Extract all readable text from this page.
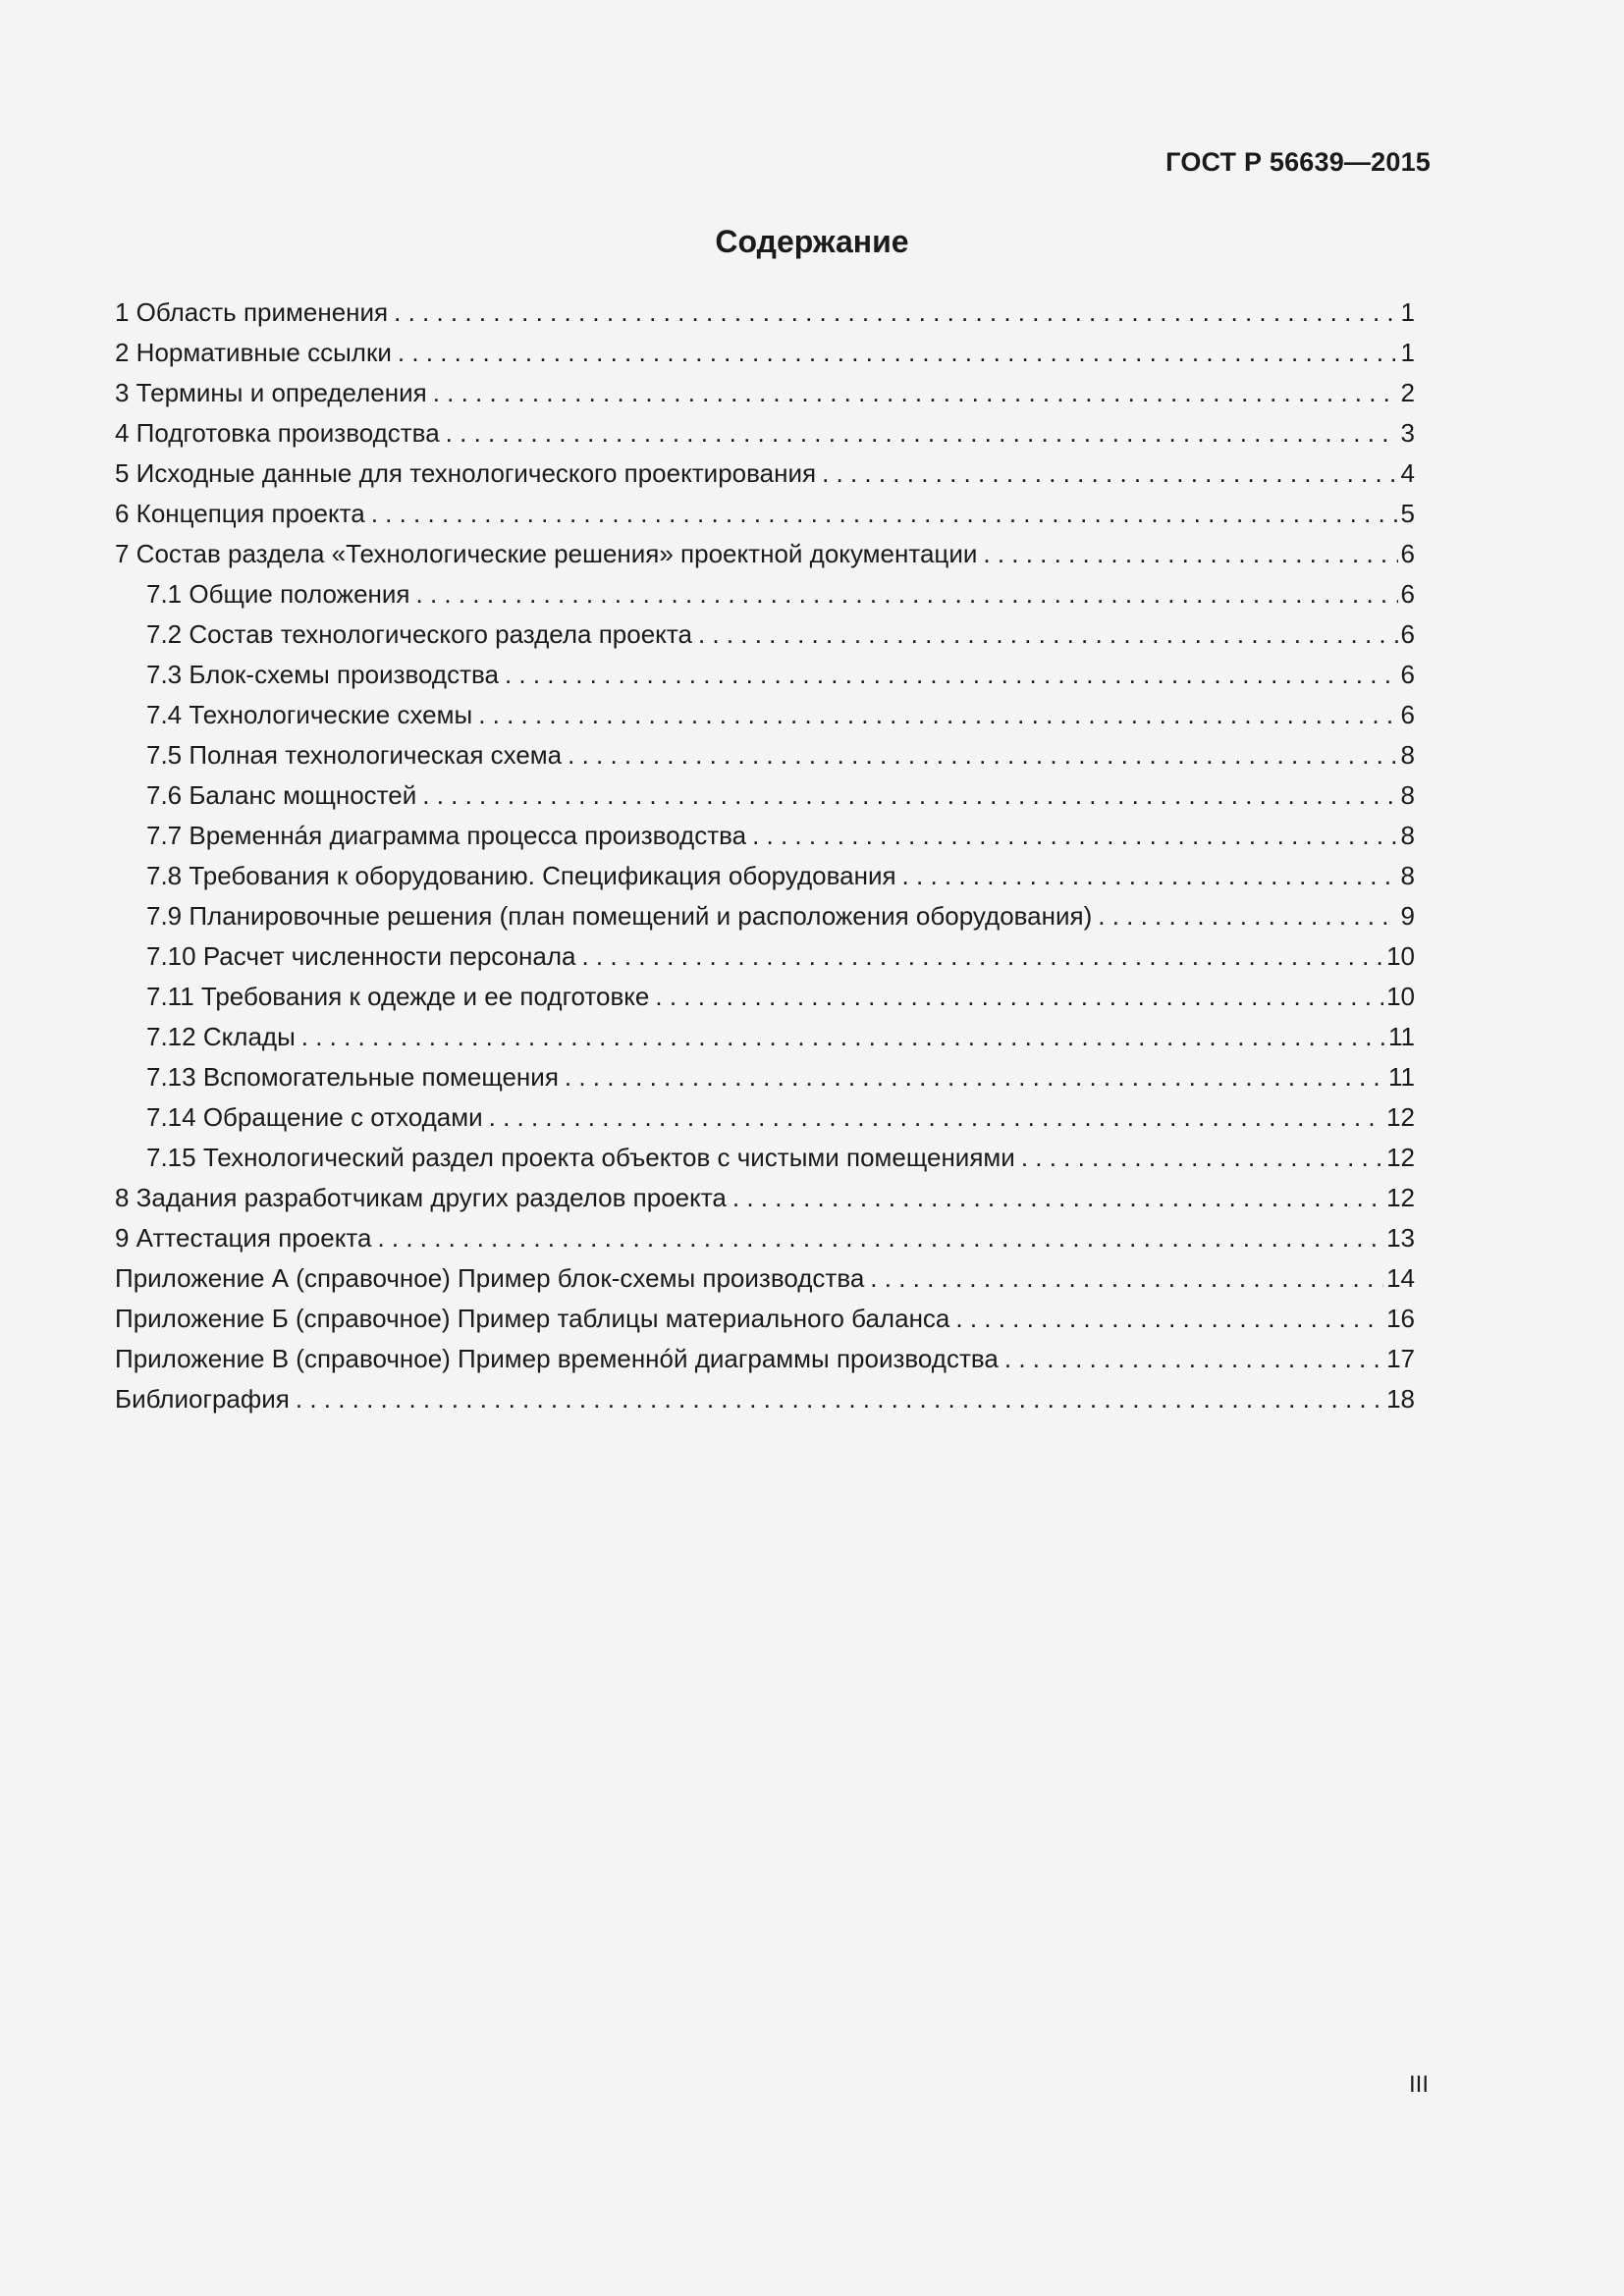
ГОСТ Р 56639—2015
Содержание
1 Область применения . . .	1
2 Нормативные ссылки . . .	1
3 Термины и определения . . .	2
4 Подготовка производства . . .	3
5 Исходные данные для технологического проектирования . . .	4
6 Концепция проекта . . .	5
7 Состав раздела «Технологические решения» проектной документации . . .	6
7.1 Общие положения . . .	6
7.2 Состав технологического раздела проекта . . .	6
7.3 Блок-схемы производства . . .	6
7.4 Технологические схемы . . .	6
7.5 Полная технологическая схема . . .	8
7.6 Баланс мощностей . . .	8
7.7 Временнáя диаграмма процесса производства . . .	8
7.8 Требования к оборудованию. Спецификация оборудования . . .	8
7.9 Планировочные решения (план помещений и расположения оборудования) . . .	9
7.10 Расчет численности персонала . . .	10
7.11 Требования к одежде и ее подготовке . . .	10
7.12 Склады . . .	11
7.13 Вспомогательные помещения . . .	11
7.14 Обращение с отходами . . .	12
7.15 Технологический раздел проекта объектов с чистыми помещениями . . .	12
8 Задания разработчикам других разделов проекта . . .	12
9 Аттестация проекта . . .	13
Приложение А (справочное) Пример блок-схемы производства . . .	14
Приложение Б (справочное) Пример таблицы материального баланса . . .	16
Приложение В (справочное) Пример временнóй диаграммы производства . . .	17
Библиография . . .	18
III
